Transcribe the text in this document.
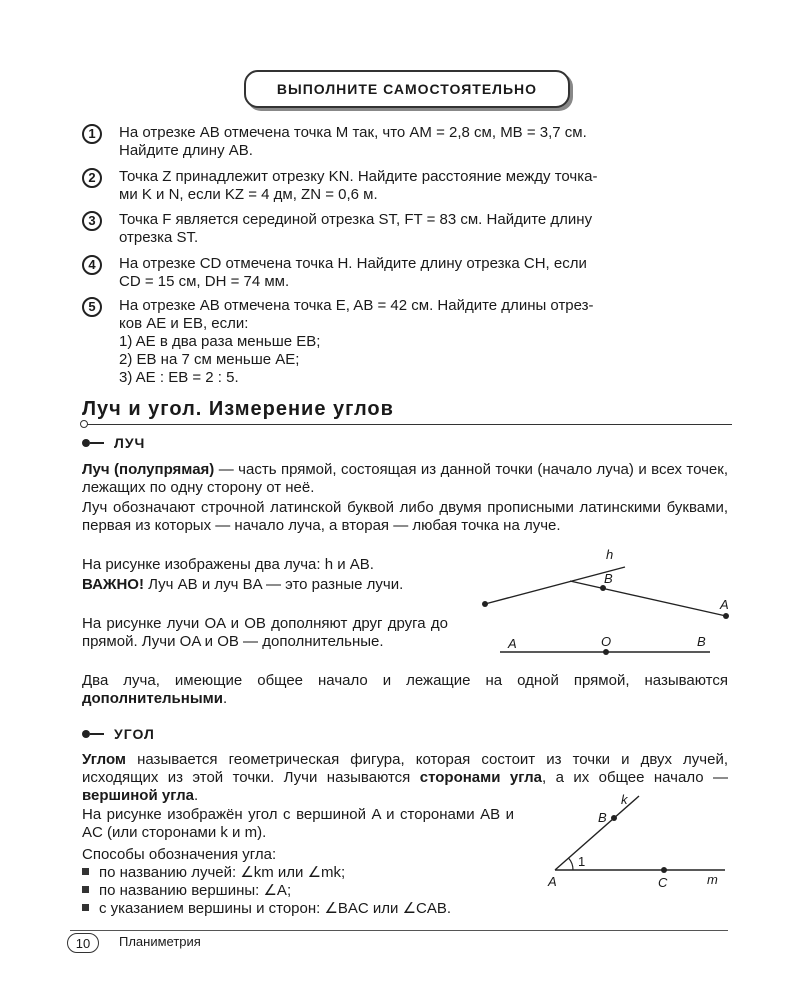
ВЫПОЛНИТЕ САМОСТОЯТЕЛЬНО
1	На отрезке AB отмечена точка M так, что AM = 2,8 см, MB = 3,7 см.
Найдите длину AB.
2	Точка Z принадлежит отрезку KN. Найдите расстояние между точка-
ми K и N, если KZ = 4 дм, ZN = 0,6 м.
3	Точка F является серединой отрезка ST, FT = 83 см. Найдите длину
отрезка ST.
4	На отрезке CD отмечена точка H. Найдите длину отрезка CH, если
CD = 15 см, DH = 74 мм.
5	На отрезке AB отмечена точка E, AB = 42 см. Найдите длины отрез-
ков AE и EB, если:
1) AE в два раза меньше EB;
2) EB на 7 см меньше AE;
3) AE : EB = 2 : 5.
Луч и угол. Измерение углов
ЛУЧ
Луч (полупрямая) — часть прямой, состоящая из данной точки (начало луча) и всех точек, лежащих по одну сторону от неё.
Луч обозначают строчной латинской буквой либо двумя прописными латинскими буквами, первая из которых — начало луча, а вторая — любая точка на луче.
На рисунке изображены два луча: h и AB.
ВАЖНО! Луч AB и луч BA — это разные лучи.
На рисунке лучи OA и OB дополняют друг друга до прямой. Лучи OA и OB — дополнительные.
Два луча, имеющие общее начало и лежащие на одной прямой, называются дополнительными.
h
B
A
A	O	B
УГОЛ
Углом называется геометрическая фигура, которая состоит из точки и двух лучей, исходящих из этой точки. Лучи называются сторонами угла, а их общее начало — вершиной угла.
На рисунке изображён угол с вершиной A и сторонами AB и AC (или сторонами k и m).
Способы обозначения угла:
по названию лучей: ∠km или ∠mk;
по названию вершины: ∠A;
с указанием вершины и сторон: ∠BAC или ∠CAB.
k
B
1
A	C	m
10	Планиметрия
